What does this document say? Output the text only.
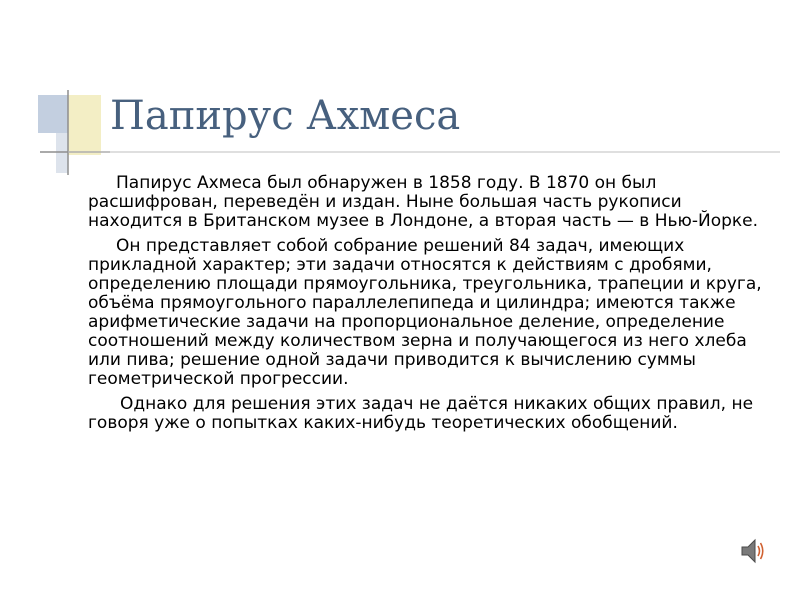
Папирус Ахмеса

Папирус Ахмеса был обнаружен в 1858 году. В 1870 он был расшифрован, переведён и издан. Ныне большая часть рукописи находится в Британском музее в Лондоне, а вторая часть — в Нью-Йорке.

Он представляет собой собрание решений 84 задач, имеющих прикладной характер; эти задачи относятся к действиям с дробями, определению площади прямоугольника, треугольника, трапеции и круга, объёма прямоугольного параллелепипеда и цилиндра; имеются также арифметические задачи на пропорциональное деление, определение соотношений между количеством зерна и получающегося из него хлеба или пива; решение одной задачи приводится к вычислению суммы геометрической прогрессии.

Однако для решения этих задач не даётся никаких общих правил, не говоря уже о попытках каких-нибудь теоретических обобщений.
